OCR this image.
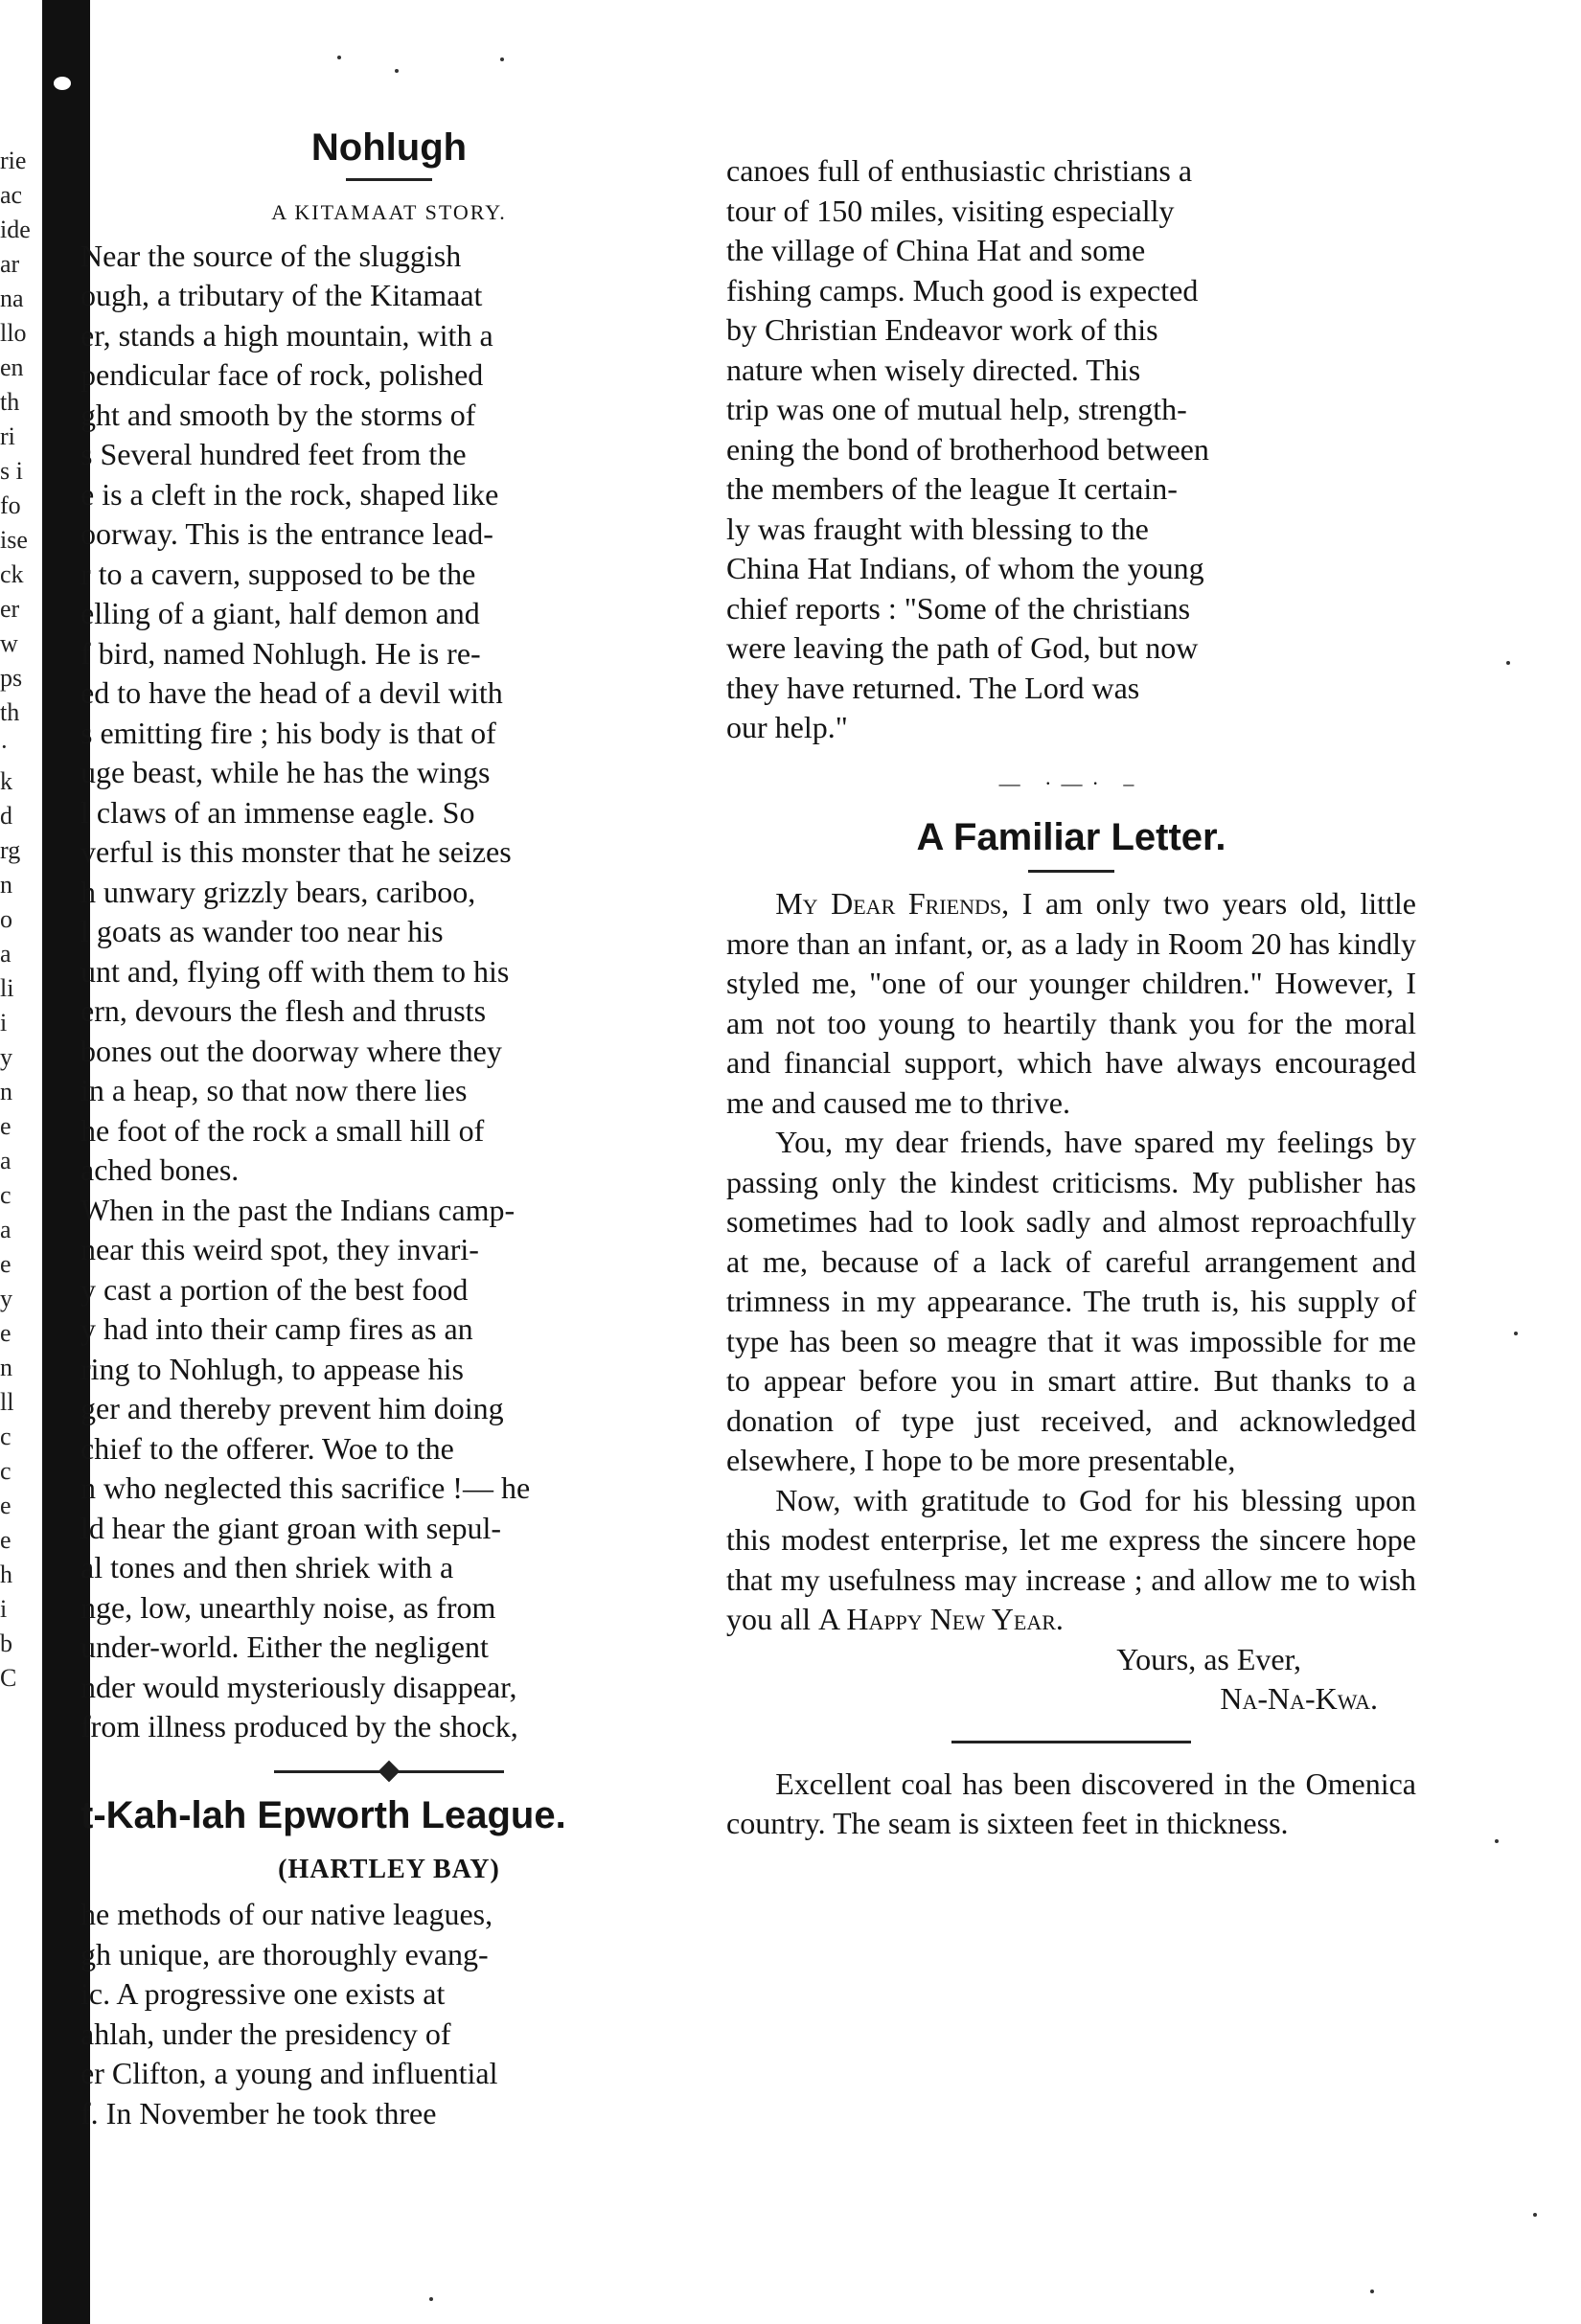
rie
ac
ide
ar
na
llo
en
th
ri
s i
fo
ise
ck
er
w
ps
th
·
k
d
rg
n
o
a
li
i
y
n
e
a
c
a
e
y
e
n
ll
c
c
e
e
h
i
b
C
Nohlugh
A KITAMAAT STORY.
Near the source of the sluggish
ough, a tributary of the Kitamaat
er, stands a high mountain, with a
pendicular face of rock, polished
ght and smooth by the storms of
s Several hundred feet from the
e is a cleft in the rock, shaped like
oorway. This is the entrance lead-
r to a cavern, supposed to be the
elling of a giant, half demon and
f bird, named Nohlugh. He is re-
ed to have the head of a devil with
s emitting fire ; his body is that of
uge beast, while he has the wings
l claws of an immense eagle. So
verful is this monster that he seizes
h unwary grizzly bears, cariboo,
l goats as wander too near his
unt and, flying off with them to his
ern, devours the flesh and thrusts
bones out the doorway where they
in a heap, so that now there lies
he foot of the rock a small hill of
ached bones.
When in the past the Indians camp-
near this weird spot, they invari-
y cast a portion of the best food
y had into their camp fires as an
ring to Nohlugh, to appease his
ger and thereby prevent him doing
chief to the offerer. Woe to the
n who neglected this sacrifice !— he
ld hear the giant groan with sepul-
al tones and then shriek with a
nge, low, unearthly noise, as from
under-world. Either the negligent
nder would mysteriously disappear,
from illness produced by the shock,
t-Kah-lah Epworth League.
(HARTLEY BAY)
he methods of our native leagues,
gh unique, are thoroughly evang-
ic. A progressive one exists at
ahlah, under the presidency of
er Clifton, a young and influential
f. In November he took three
canoes full of enthusiastic christians a
tour of 150 miles, visiting especially
the village of China Hat and some
fishing camps. Much good is expected
by Christian Endeavor work of this
nature when wisely directed. This
trip was one of mutual help, strength-
ening the bond of brotherhood between
the members of the league It certain-
ly was fraught with blessing to the
China Hat Indians, of whom the young
chief reports : "Some of the christians
were leaving the path of God, but now
they have returned. The Lord was
our help."
— ·—· –
A Familiar Letter.

My Dear Friends, I am only two years old, little more than an infant, or, as a lady in Room 20 has kindly styled me, "one of our younger children." However, I am not too young to heartily thank you for the moral and financial support, which have always encouraged me and caused me to thrive.

You, my dear friends, have spared my feelings by passing only the kindest criticisms. My publisher has sometimes had to look sadly and almost reproachfully at me, because of a lack of careful arrangement and trimness in my appearance. The truth is, his supply of type has been so meagre that it was impossible for me to appear before you in smart attire. But thanks to a donation of type just received, and acknowledged elsewhere, I hope to be more presentable,

Now, with gratitude to God for his blessing upon this modest enterprise, let me express the sincere hope that my usefulness may increase ; and allow me to wish you all A Happy New Year.

Yours, as Ever,

Na-Na-Kwa.

Excellent coal has been discovered in the Omenica country. The seam is sixteen feet in thickness.
